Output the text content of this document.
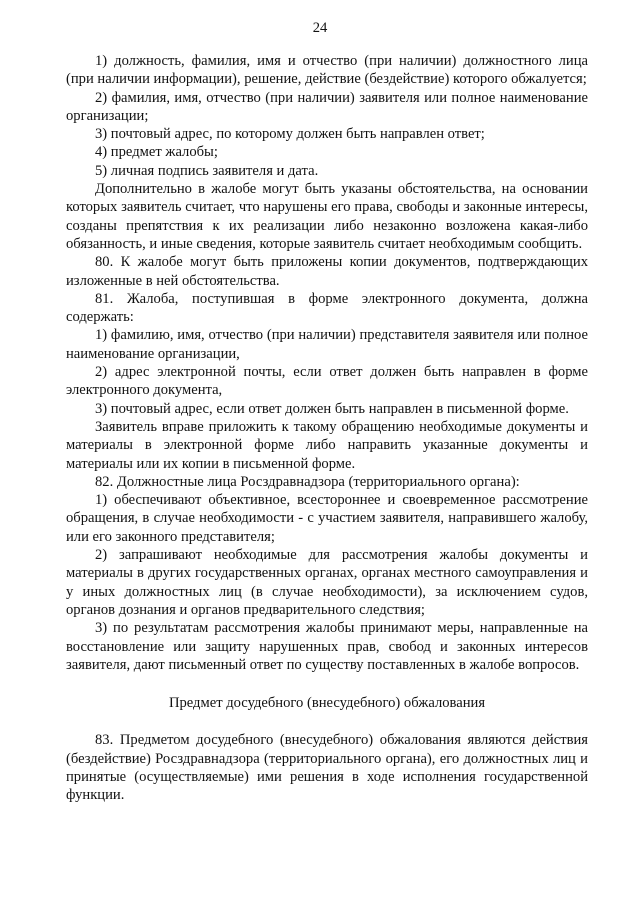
24

1) должность, фамилия, имя и отчество (при наличии) должностного лица (при наличии информации), решение, действие (бездействие) которого обжалуется;

2) фамилия, имя, отчество (при наличии) заявителя или полное наименование организации;

3) почтовый адрес, по которому должен быть направлен ответ;

4) предмет жалобы;

5) личная подпись заявителя и дата.

Дополнительно в жалобе могут быть указаны обстоятельства, на основании которых заявитель считает, что нарушены его права, свободы и законные интересы, созданы препятствия к их реализации либо незаконно возложена какая-либо обязанность, и иные сведения, которые заявитель считает необходимым сообщить.

80. К жалобе могут быть приложены копии документов, подтверждающих изложенные в ней обстоятельства.

81. Жалоба, поступившая в форме электронного документа, должна содержать:

1) фамилию, имя, отчество (при наличии) представителя заявителя или полное наименование организации,

2) адрес электронной почты, если ответ должен быть направлен в форме электронного документа,

3) почтовый адрес, если ответ должен быть направлен в письменной форме.

Заявитель вправе приложить к такому обращению необходимые документы и материалы в электронной форме либо направить указанные документы и материалы или их копии в письменной форме.

82. Должностные лица Росздравнадзора (территориального органа):

1) обеспечивают объективное, всестороннее и своевременное рассмотрение обращения, в случае необходимости - с участием заявителя, направившего жалобу, или его законного представителя;

2) запрашивают необходимые для рассмотрения жалобы документы и материалы в других государственных органах, органах местного самоуправления и у иных должностных лиц (в случае необходимости), за исключением судов, органов дознания и органов предварительного следствия;

3) по результатам рассмотрения жалобы принимают меры, направленные на восстановление или защиту нарушенных прав, свобод и законных интересов заявителя, дают письменный ответ по существу поставленных в жалобе вопросов.

Предмет досудебного (внесудебного) обжалования

83. Предметом досудебного (внесудебного) обжалования являются действия (бездействие) Росздравнадзора (территориального органа), его должностных лиц и принятые (осуществляемые) ими решения в ходе исполнения государственной функции.
